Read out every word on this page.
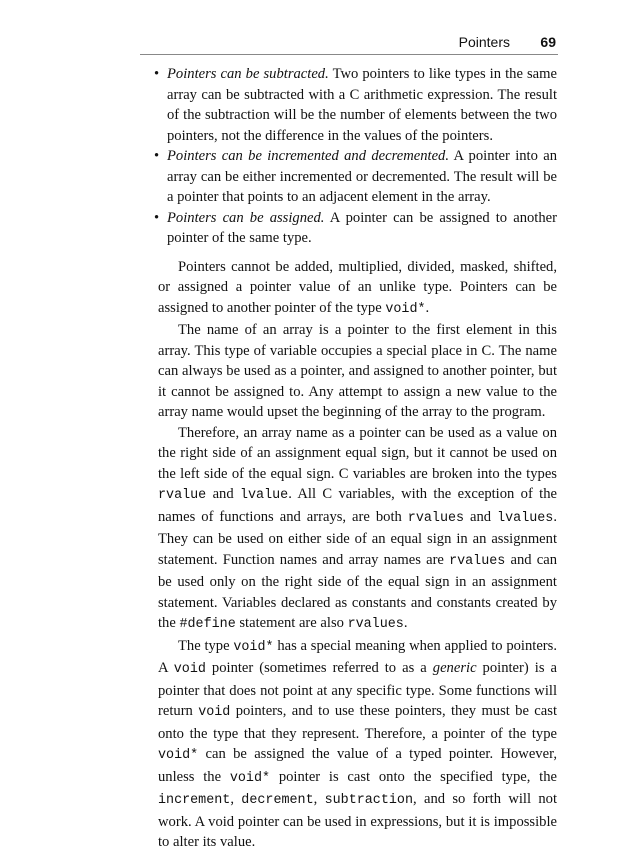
Pointers 69
• Pointers can be subtracted. Two pointers to like types in the same array can be subtracted with a C arithmetic expression. The result of the subtraction will be the number of elements between the two pointers, not the difference in the values of the pointers.
• Pointers can be incremented and decremented. A pointer into an array can be either incremented or decremented. The result will be a pointer that points to an adjacent element in the array.
• Pointers can be assigned. A pointer can be assigned to another pointer of the same type.

Pointers cannot be added, multiplied, divided, masked, shifted, or assigned a pointer value of an unlike type. Pointers can be assigned to another pointer of the type void*.

The name of an array is a pointer to the first element in this array. This type of variable occupies a special place in C. The name can always be used as a pointer, and assigned to another pointer, but it cannot be assigned to. Any attempt to assign a new value to the array name would upset the beginning of the array to the program.

Therefore, an array name as a pointer can be used as a value on the right side of an assignment equal sign, but it cannot be used on the left side of the equal sign. C variables are broken into the types rvalue and lvalue. All C variables, with the exception of the names of functions and arrays, are both rvalues and lvalues. They can be used on either side of an equal sign in an assignment statement. Function names and array names are rvalues and can be used only on the right side of the equal sign in an assignment statement. Variables declared as constants and constants created by the #define statement are also rvalues.

The type void* has a special meaning when applied to pointers. A void pointer (sometimes referred to as a generic pointer) is a pointer that does not point at any specific type. Some functions will return void pointers, and to use these pointers, they must be cast onto the type that they represent. Therefore, a pointer of the type void* can be assigned the value of a typed pointer. However, unless the void* pointer is cast onto the specified type, the increment, decrement, subtraction, and so forth will not work. A void pointer can be used in expressions, but it is impossible to alter its value.
